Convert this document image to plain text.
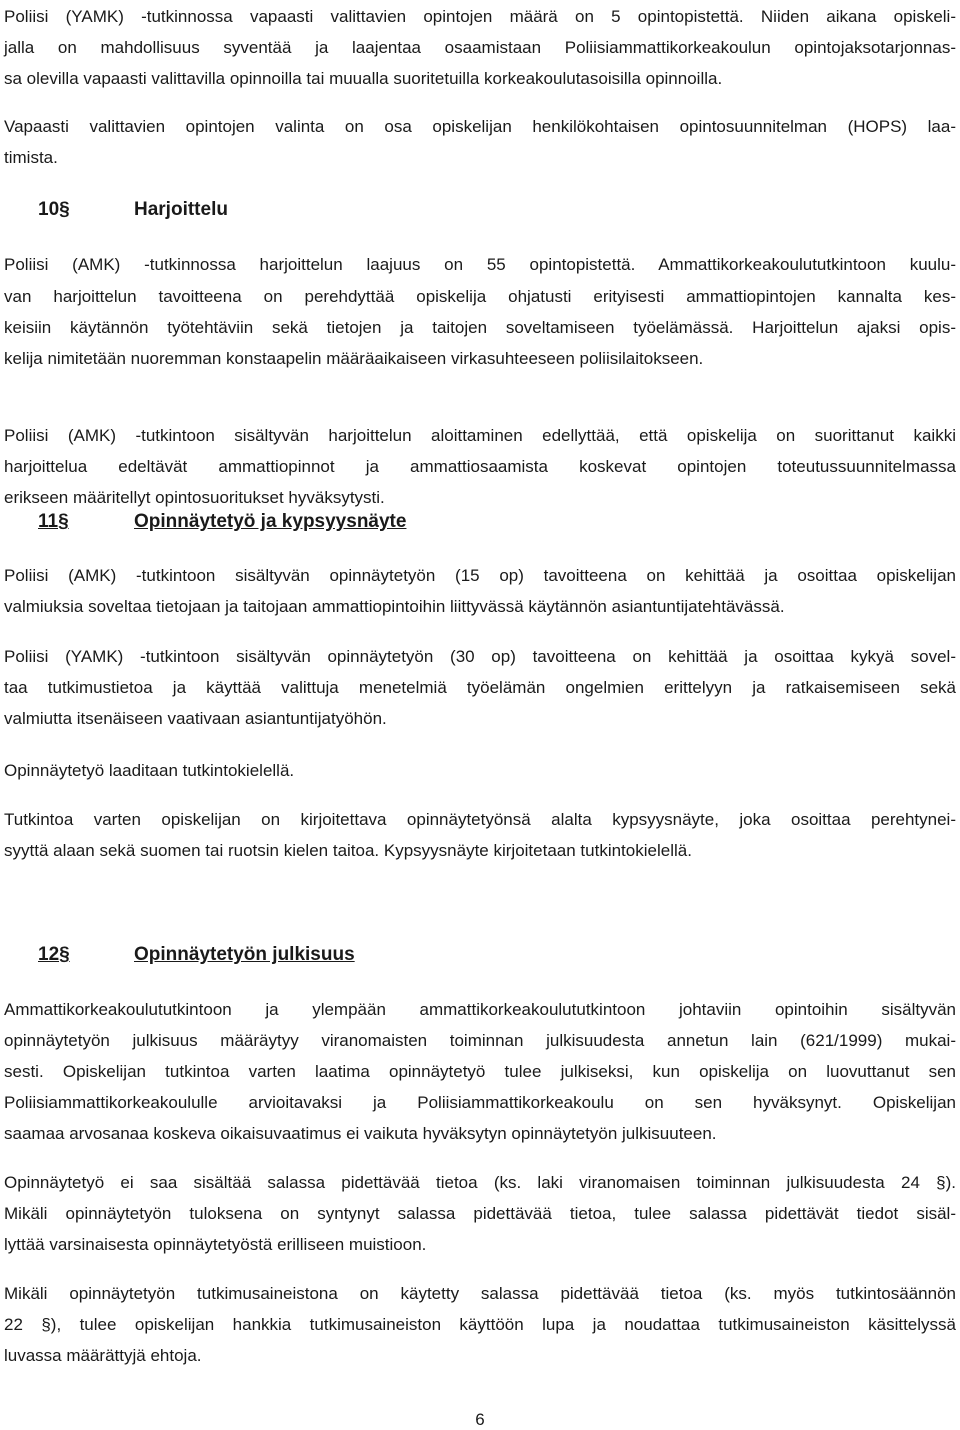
Poliisi (YAMK) -tutkinnossa vapaasti valittavien opintojen määrä on 5 opintopistettä. Niiden aikana opiskeli-
jalla on mahdollisuus syventää ja laajentaa osaamistaan Poliisiammattikorkeakoulun opintojaksotarjonnas-
sa olevilla vapaasti valittavilla opinnoilla tai muualla suoritetuilla korkeakoulutasoisilla opinnoilla.
Vapaasti valittavien opintojen valinta on osa opiskelijan henkilökohtaisen opintosuunnitelman (HOPS) laa-
timista.
10§	Harjoittelu
Poliisi (AMK) -tutkinnossa harjoittelun laajuus on 55 opintopistettä. Ammattikorkeakoulututkintoon kuulu-
van harjoittelun tavoitteena on perehdyttää opiskelija ohjatusti erityisesti ammattiopintojen kannalta kes-
keisiin käytännön työtehtäviin sekä tietojen ja taitojen soveltamiseen työelämässä. Harjoittelun ajaksi opis-
kelija nimitetään nuoremman konstaapelin määräaikaiseen virkasuhteeseen poliisilaitokseen.
Poliisi (AMK) -tutkintoon sisältyvän harjoittelun aloittaminen edellyttää, että opiskelija on suorittanut kaikki
harjoittelua edeltävät ammattiopinnot ja ammattiosaamista koskevat opintojen toteutussuunnitelmassa
erikseen määritellyt opintosuoritukset hyväksytysti.
11§	Opinnäytetyö ja kypsyysnäyte
Poliisi (AMK) -tutkintoon sisältyvän opinnäytetyön (15 op) tavoitteena on kehittää ja osoittaa opiskelijan
valmiuksia soveltaa tietojaan ja taitojaan ammattiopintoihin liittyvässä käytännön asiantuntijatehtävässä.
Poliisi (YAMK) -tutkintoon sisältyvän opinnäytetyön (30 op) tavoitteena on kehittää ja osoittaa kykyä sovel-
taa tutkimustietoa ja käyttää valittuja menetelmiä työelämän ongelmien erittelyyn ja ratkaisemiseen sekä
valmiutta itsenäiseen vaativaan asiantuntijatyöhön.
Opinnäytetyö laaditaan tutkintokielellä.
Tutkintoa varten opiskelijan on kirjoitettava opinnäytetyönsä alalta kypsyysnäyte, joka osoittaa perehtynei-
syyttä alaan sekä suomen tai ruotsin kielen taitoa. Kypsyysnäyte kirjoitetaan tutkintokielellä.
12§	Opinnäytetyön julkisuus
Ammattikorkeakoulututkintoon ja ylempään ammattikorkeakoulututkintoon johtaviin opintoihin sisältyvän
opinnäytetyön julkisuus määräytyy viranomaisten toiminnan julkisuudesta annetun lain (621/1999) mukai-
sesti. Opiskelijan tutkintoa varten laatima opinnäytetyö tulee julkiseksi, kun opiskelija on luovuttanut sen
Poliisiammattikorkeakoululle arvioitavaksi ja Poliisiammattikorkeakoulu on sen hyväksynyt. Opiskelijan
saamaa arvosanaa koskeva oikaisuvaatimus ei vaikuta hyväksytyn opinnäytetyön julkisuuteen.
Opinnäytetyö ei saa sisältää salassa pidettävää tietoa (ks. laki viranomaisen toiminnan julkisuudesta 24 §).
Mikäli opinnäytetyön tuloksena on syntynyt salassa pidettävää tietoa, tulee salassa pidettävät tiedot sisäl-
lyttää varsinaisesta opinnäytetyöstä erilliseen muistioon.
Mikäli opinnäytetyön tutkimusaineistona on käytetty salassa pidettävää tietoa (ks. myös tutkintosäännön
22 §), tulee opiskelijan hankkia tutkimusaineiston käyttöön lupa ja noudattaa tutkimusaineiston käsittelyssä
luvassa määrättyjä ehtoja.
6
